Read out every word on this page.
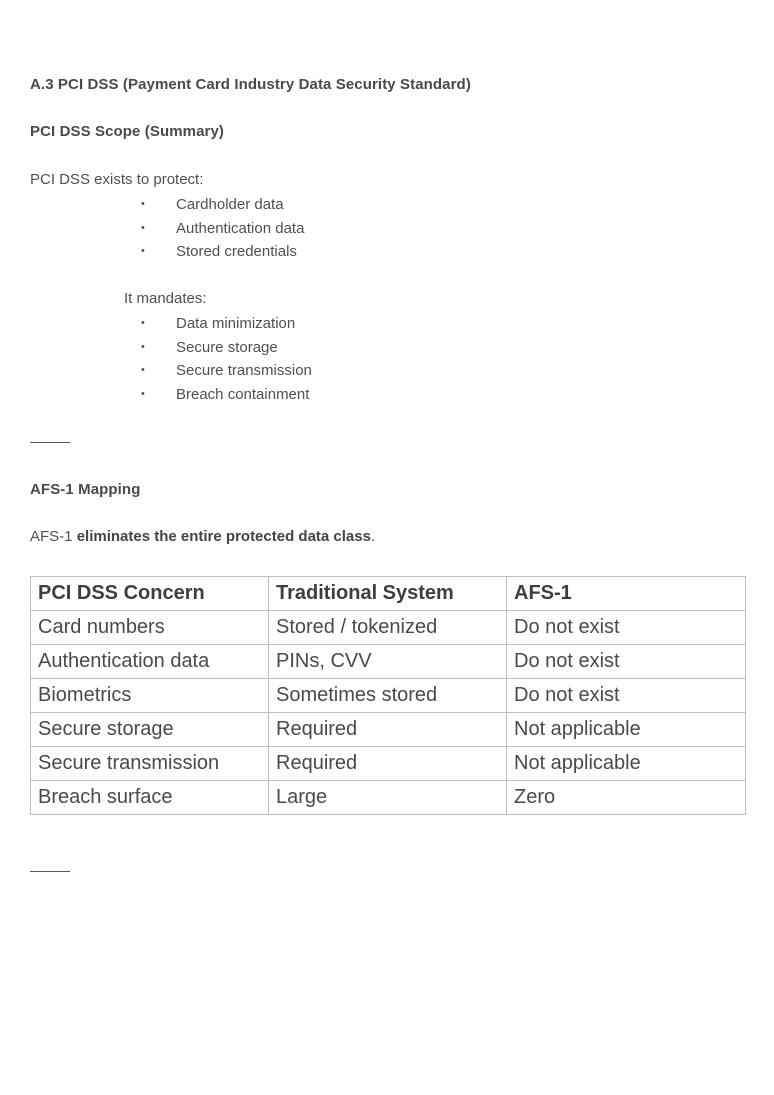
A.3 PCI DSS (Payment Card Industry Data Security Standard)
PCI DSS Scope (Summary)
PCI DSS exists to protect:
• Cardholder data
• Authentication data
• Stored credentials
It mandates:
• Data minimization
• Secure storage
• Secure transmission
• Breach containment
AFS-1 Mapping
AFS-1 eliminates the entire protected data class.
PCI DSS Concern	Traditional System	AFS-1
Card numbers	Stored / tokenized	Do not exist
Authentication data	PINs, CVV	Do not exist
Biometrics	Sometimes stored	Do not exist
Secure storage	Required	Not applicable
Secure transmission	Required	Not applicable
Breach surface	Large	Zero
